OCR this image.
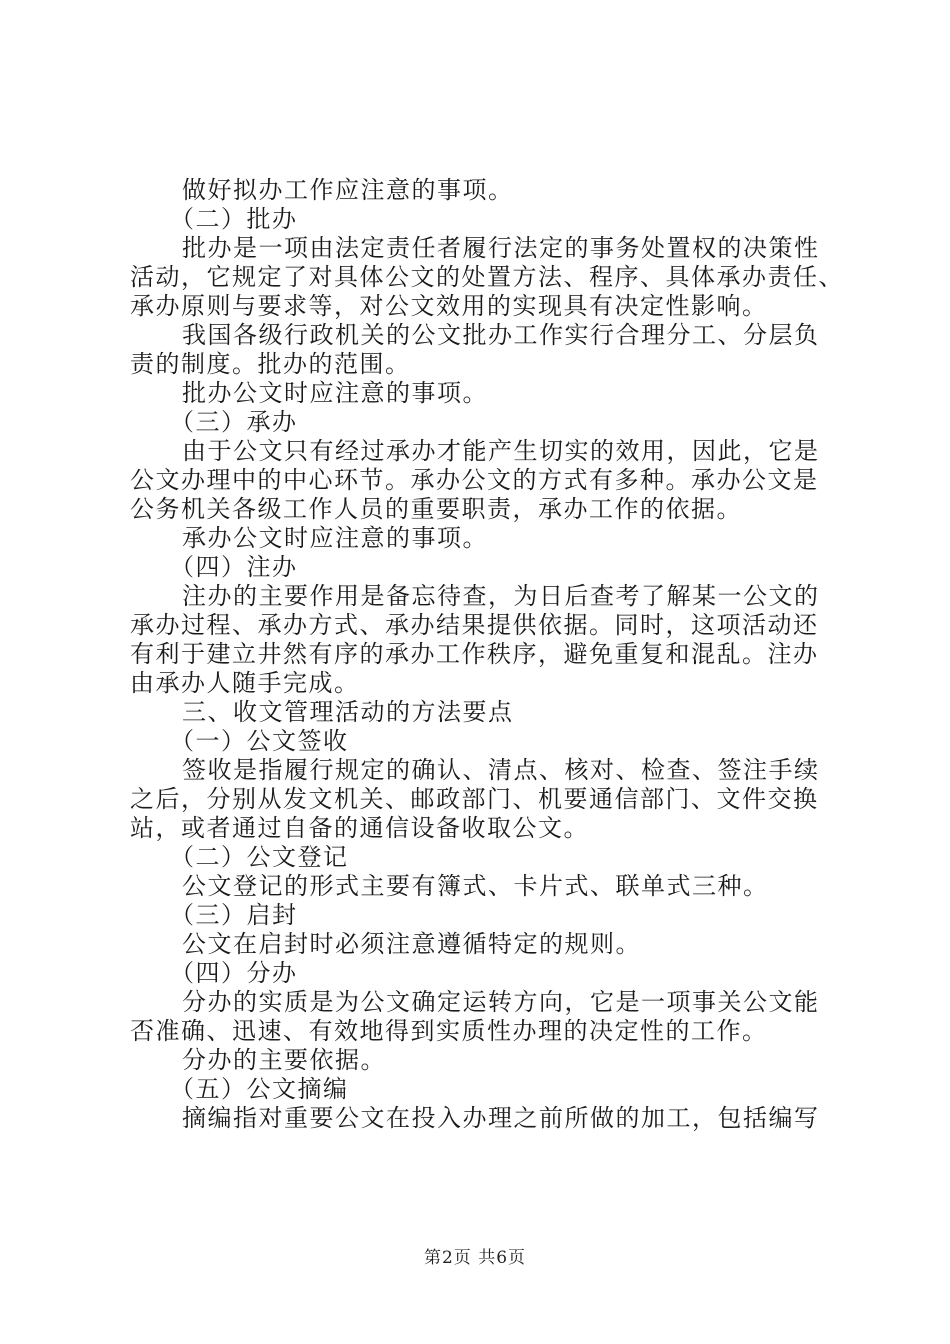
做好拟办工作应注意的事项。
（二）批办
批办是一项由法定责任者履行法定的事务处置权的决策性
活动，它规定了对具体公文的处置方法、程序、具体承办责任、
承办原则与要求等，对公文效用的实现具有决定性影响。
我国各级行政机关的公文批办工作实行合理分工、分层负
责的制度。批办的范围。
批办公文时应注意的事项。
（三）承办
由于公文只有经过承办才能产生切实的效用，因此，它是
公文办理中的中心环节。承办公文的方式有多种。承办公文是
公务机关各级工作人员的重要职责，承办工作的依据。
承办公文时应注意的事项。
（四）注办
注办的主要作用是备忘待查，为日后查考了解某一公文的
承办过程、承办方式、承办结果提供依据。同时，这项活动还
有利于建立井然有序的承办工作秩序，避免重复和混乱。注办
由承办人随手完成。
三、收文管理活动的方法要点
（一）公文签收
签收是指履行规定的确认、清点、核对、检查、签注手续
之后，分别从发文机关、邮政部门、机要通信部门、文件交换
站，或者通过自备的通信设备收取公文。
（二）公文登记
公文登记的形式主要有簿式、卡片式、联单式三种。
（三）启封
公文在启封时必须注意遵循特定的规则。
（四）分办
分办的实质是为公文确定运转方向，它是一项事关公文能
否准确、迅速、有效地得到实质性办理的决定性的工作。
分办的主要依据。
（五）公文摘编
摘编指对重要公文在投入办理之前所做的加工，包括编写
第2页 共6页
